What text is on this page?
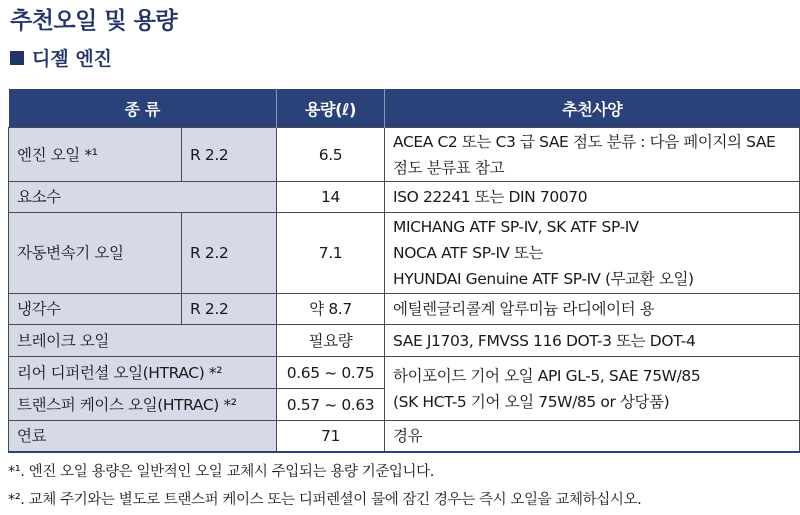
추천오일 및 용량
디젤 엔진
종 류		용량(ℓ)	추천사양
엔진 오일 *¹	R 2.2	6.5	ACEA C2 또는 C3 급 SAE 점도 분류 : 다음 페이지의 SAE
점도 분류표 참고

요소수		14	ISO 22241 또는 DIN 70070

자동변속기 오일	R 2.2	7.1	MICHANG ATF SP-Ⅳ, SK ATF SP-Ⅳ
NOCA ATF SP-Ⅳ 또는
HYUNDAI Genuine ATF SP-Ⅳ (무교환 오일)

냉각수	R 2.2	약 8.7	에틸렌글리콜계 알루미늄 라디에이터 용

브레이크 오일		필요량	SAE J1703, FMVSS 116 DOT-3 또는 DOT-4

리어 디퍼런셜 오일(HTRAC) *²		0.65 ~ 0.75	하이포이드 기어 오일 API GL-5, SAE 75W/85
(SK HCT-5 기어 오일 75W/85 or 상당품)

트랜스퍼 케이스 오일(HTRAC) *²		0.57 ~ 0.63	
연료		71	경유
*¹. 엔진 오일 용량은 일반적인 오일 교체시 주입되는 용량 기준입니다.
*². 교체 주기와는 별도로 트랜스퍼 케이스 또는 디퍼렌셜이 물에 잠긴 경우는 즉시 오일을 교체하십시오.
